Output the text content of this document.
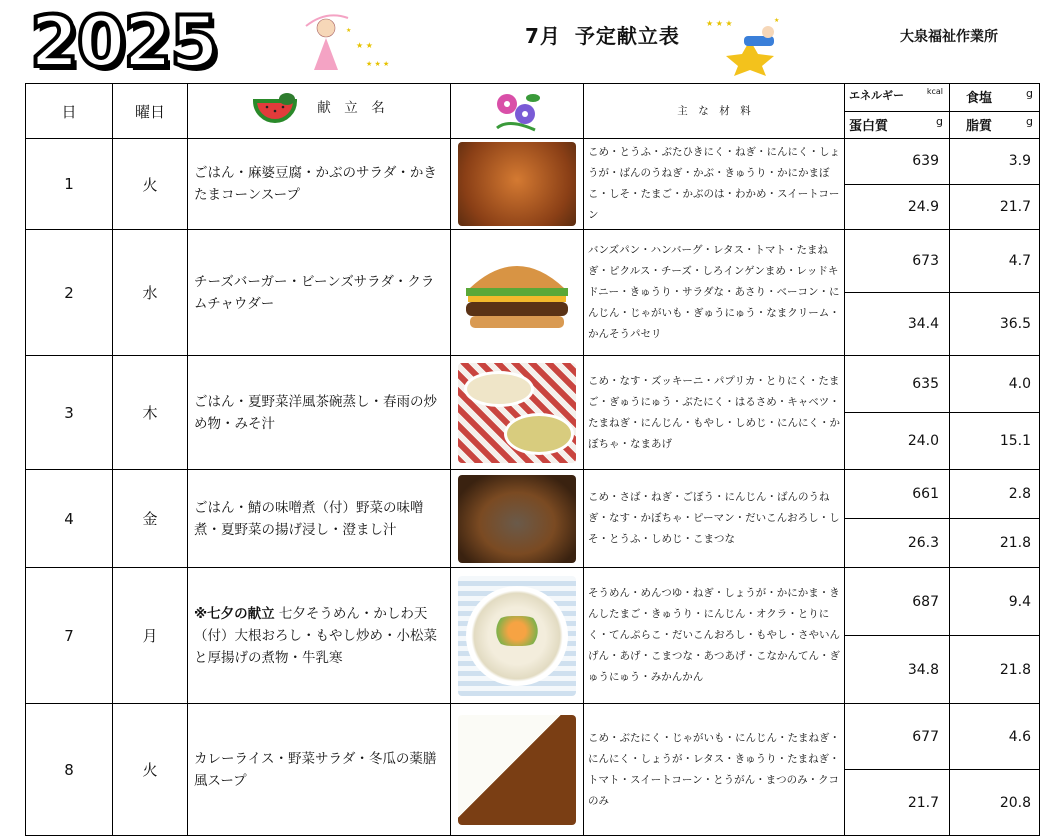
2025	★ ★
★ ★ ★
★	7月 予定献立表
★ ★ ★	★
大泉福祉作業所
日	曜日	献　立　名		主　な　材　料	エネルギー kcal	食塩 g

					蛋白質 g	脂質 g

1	火	ごはん・麻婆豆腐・かぶのサラダ・かきたまコーンスープ		こめ・とうふ・ぶたひきにく・ねぎ・にんにく・しょうが・ばんのうねぎ・かぶ・きゅうり・かにかまぼこ・しそ・たまご・かぶのは・わかめ・スイートコーン	639	3.9
					24.9	21.7
2	水	チーズバーガー・ビーンズサラダ・クラムチャウダー		バンズパン・ハンバーグ・レタス・トマト・たまねぎ・ピクルス・チーズ・しろインゲンまめ・レッドキドニー・きゅうり・サラダな・あさり・ベーコン・にんじん・じゃがいも・ぎゅうにゅう・なまクリーム・かんそうパセリ	673	4.7
					34.4	36.5
3	木	ごはん・夏野菜洋風茶碗蒸し・春雨の炒め物・みそ汁		こめ・なす・ズッキーニ・パプリカ・とりにく・たまご・ぎゅうにゅう・ぶたにく・はるさめ・キャベツ・たまねぎ・にんじん・もやし・しめじ・にんにく・かぼちゃ・なまあげ	635	4.0
					24.0	15.1
4	金	ごはん・鯖の味噌煮（付）野菜の味噌煮・夏野菜の揚げ浸し・澄まし汁		こめ・さば・ねぎ・ごぼう・にんじん・ばんのうねぎ・なす・かぼちゃ・ピーマン・だいこんおろし・しそ・とうふ・しめじ・こまつな	661	2.8
					26.3	21.8
7	月	※七夕の献立 七夕そうめん・かしわ天（付）大根おろし・もやし炒め・小松菜と厚揚げの煮物・牛乳寒		そうめん・めんつゆ・ねぎ・しょうが・かにかま・きんしたまご・きゅうり・にんじん・オクラ・とりにく・てんぷらこ・だいこんおろし・もやし・さやいんげん・あげ・こまつな・あつあげ・こなかんてん・ぎゅうにゅう・みかんかん	687	9.4
					34.8	21.8
8	火	カレーライス・野菜サラダ・冬瓜の薬膳風スープ		こめ・ぶたにく・じゃがいも・にんじん・たまねぎ・にんにく・しょうが・レタス・きゅうり・たまねぎ・トマト・スイートコーン・とうがん・まつのみ・クコのみ	677	4.6
					21.7	20.8
